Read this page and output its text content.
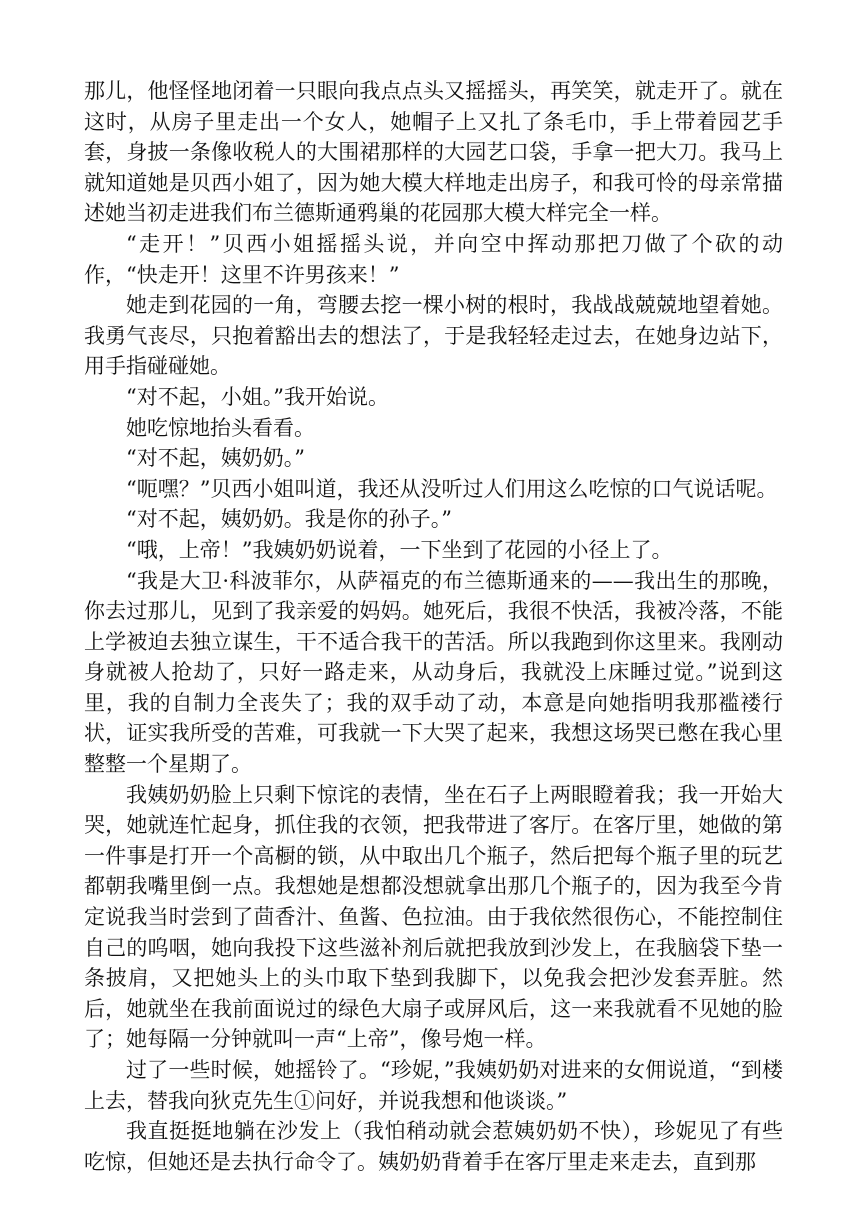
那儿，他怪怪地闭着一只眼向我点点头又摇摇头，再笑笑，就走开了。就在这时，从房子里走出一个女人，她帽子上又扎了条毛巾，手上带着园艺手套，身披一条像收税人的大围裙那样的大园艺口袋，手拿一把大刀。我马上就知道她是贝西小姐了，因为她大模大样地走出房子，和我可怜的母亲常描述她当初走进我们布兰德斯通鸦巢的花园那大模大样完全一样。

“走开！”贝西小姐摇摇头说，并向空中挥动那把刀做了个砍的动作，“快走开！这里不许男孩来！”

她走到花园的一角，弯腰去挖一棵小树的根时，我战战兢兢地望着她。我勇气丧尽，只抱着豁出去的想法了，于是我轻轻走过去，在她身边站下，用手指碰碰她。

“对不起，小姐。”我开始说。

她吃惊地抬头看看。

“对不起，姨奶奶。”

“呃嘿？”贝西小姐叫道，我还从没听过人们用这么吃惊的口气说话呢。

“对不起，姨奶奶。我是你的孙子。”

“哦，上帝！”我姨奶奶说着，一下坐到了花园的小径上了。

“我是大卫·科波菲尔，从萨福克的布兰德斯通来的——我出生的那晚，你去过那儿，见到了我亲爱的妈妈。她死后，我很不快活，我被冷落，不能上学被迫去独立谋生，干不适合我干的苦活。所以我跑到你这里来。我刚动身就被人抢劫了，只好一路走来，从动身后，我就没上床睡过觉。”说到这里，我的自制力全丧失了；我的双手动了动，本意是向她指明我那褴褛行状，证实我所受的苦难，可我就一下大哭了起来，我想这场哭已憋在我心里整整一个星期了。

我姨奶奶脸上只剩下惊诧的表情，坐在石子上两眼瞪着我；我一开始大哭，她就连忙起身，抓住我的衣领，把我带进了客厅。在客厅里，她做的第一件事是打开一个高橱的锁，从中取出几个瓶子，然后把每个瓶子里的玩艺都朝我嘴里倒一点。我想她是想都没想就拿出那几个瓶子的，因为我至今肯定说我当时尝到了茴香汁、鱼酱、色拉油。由于我依然很伤心，不能控制住自己的呜咽，她向我投下这些滋补剂后就把我放到沙发上，在我脑袋下垫一条披肩，又把她头上的头巾取下垫到我脚下，以免我会把沙发套弄脏。然后，她就坐在我前面说过的绿色大扇子或屏风后，这一来我就看不见她的脸了；她每隔一分钟就叫一声“上帝”，像号炮一样。

过了一些时候，她摇铃了。“珍妮，”我姨奶奶对进来的女佣说道，“到楼上去，替我向狄克先生①问好，并说我想和他谈谈。”

我直挺挺地躺在沙发上（我怕稍动就会惹姨奶奶不快），珍妮见了有些吃惊，但她还是去执行命令了。姨奶奶背着手在客厅里走来走去，直到那
